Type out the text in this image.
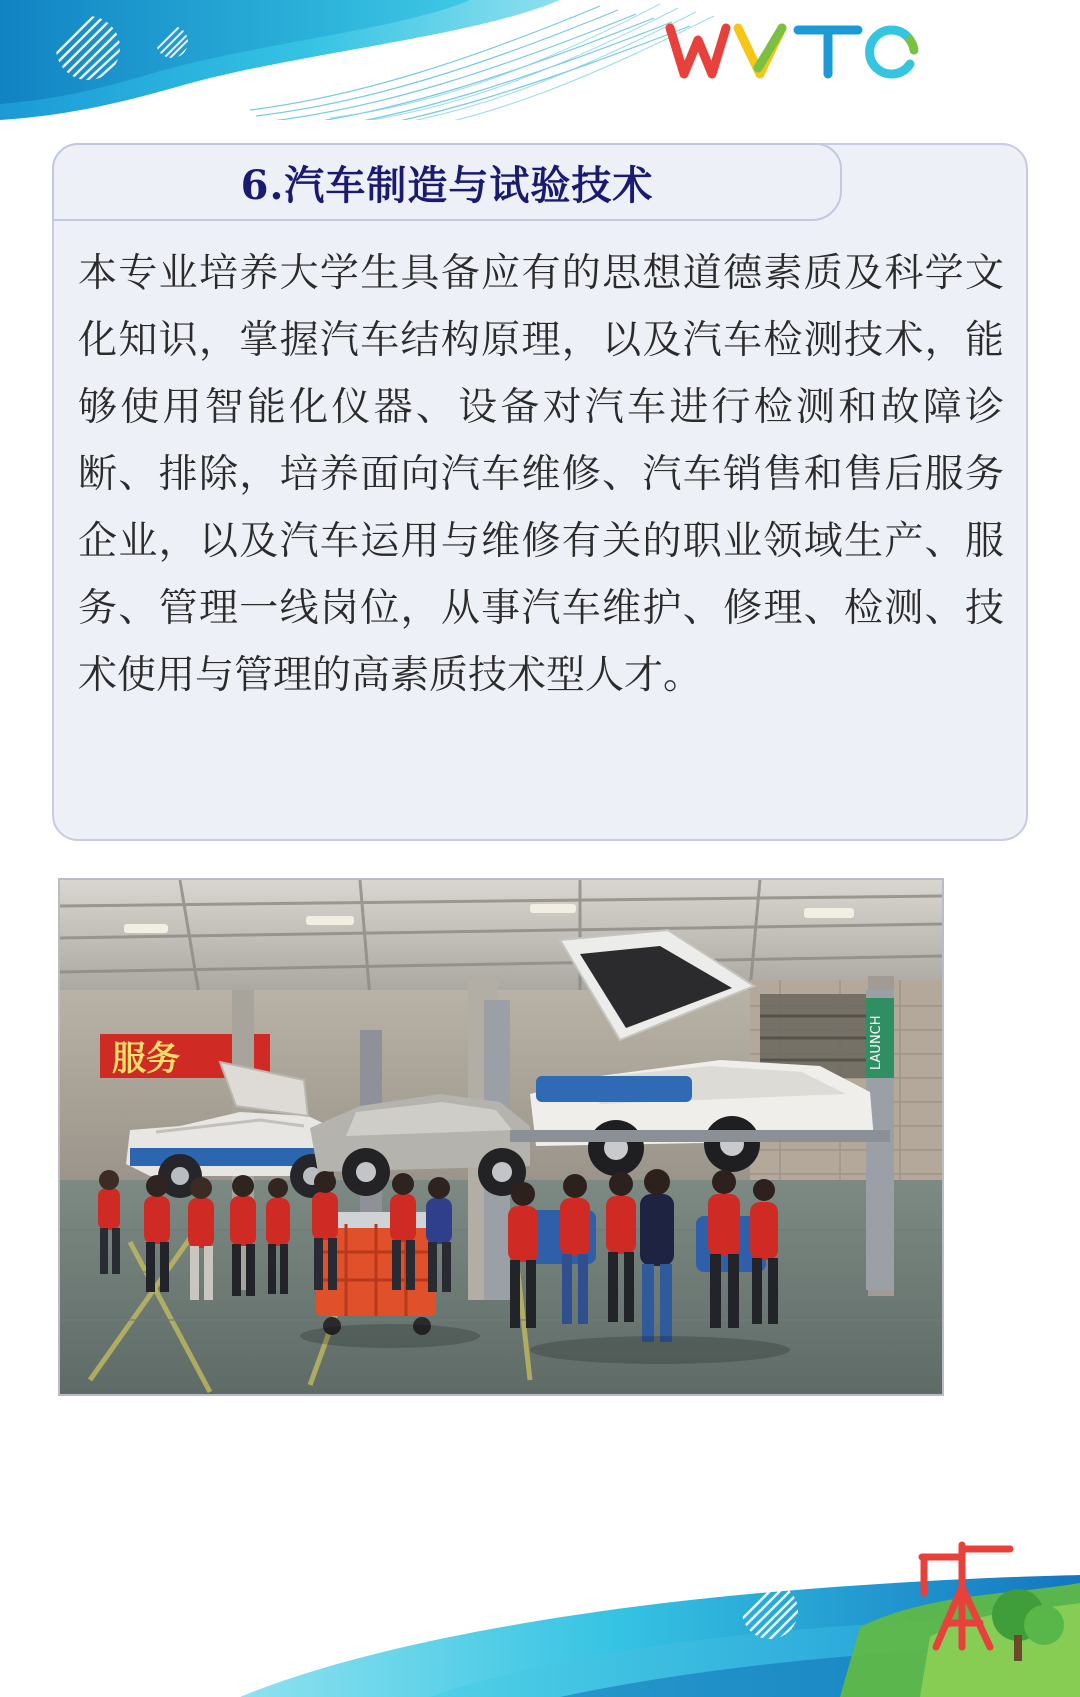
6.汽车制造与试验技术
本专业培养大学生具备应有的思想道德素质及科学文化知识，掌握汽车结构原理，以及汽车检测技术，能够使用智能化仪器、设备对汽车进行检测和故障诊断、排除，培养面向汽车维修、汽车销售和售后服务企业，以及汽车运用与维修有关的职业领域生产、服务、管理一线岗位，从事汽车维护、修理、检测、技术使用与管理的高素质技术型人才。
服务	LAUNCH
